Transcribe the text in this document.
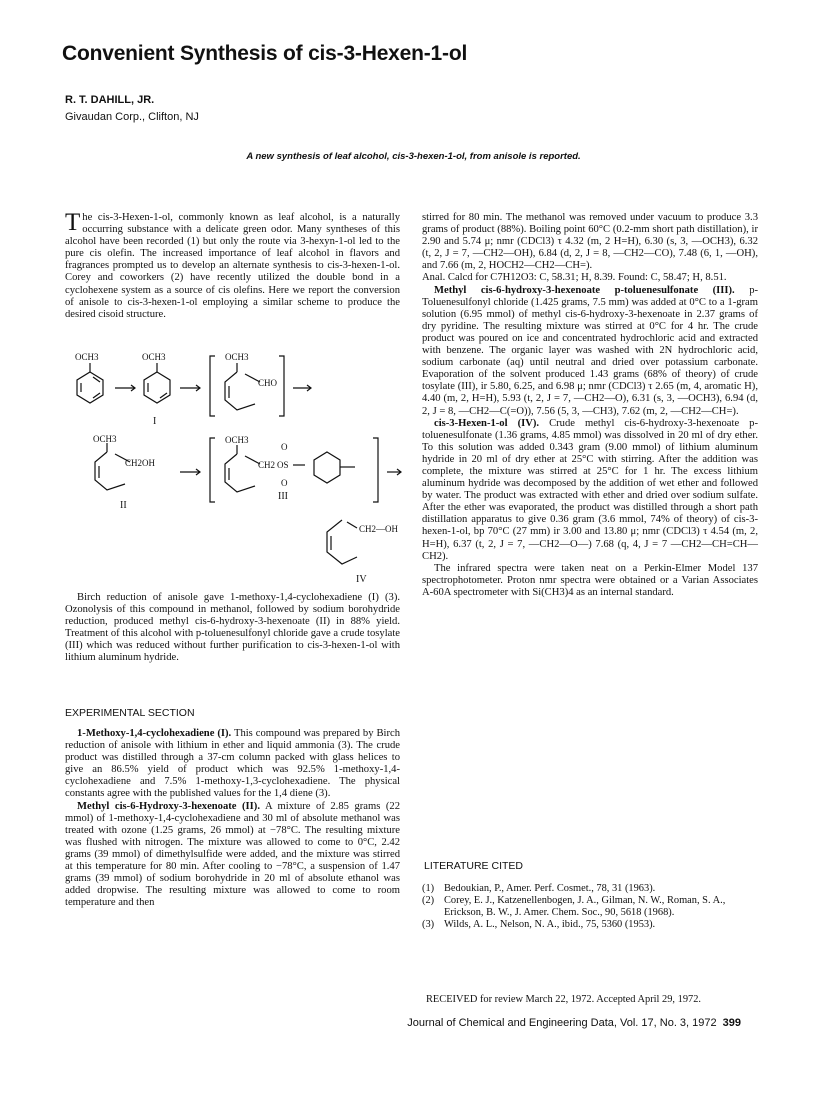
Convenient Synthesis of cis-3-Hexen-1-ol
R. T. DAHILL, JR.
Givaudan Corp., Clifton, NJ
A new synthesis of leaf alcohol, cis-3-hexen-1-ol, from anisole is reported.

The cis-3-Hexen-1-ol, commonly known as leaf alcohol, is a naturally occurring substance with a delicate green odor. Many syntheses of this alcohol have been recorded (1) but only the route via 3-hexyn-1-ol led to the pure cis olefin. The increased importance of leaf alcohol in flavors and fragrances prompted us to develop an alternate synthesis to cis-3-hexen-1-ol. Corey and coworkers (2) have recently utilized the double bond in a cyclohexene system as a source of cis olefins. Here we report the conversion of anisole to cis-3-hexen-1-ol employing a similar scheme to produce the desired cisoid structure.

OCH3	OCH3	OCH3
CHO
I
OCH3
CH2OH
II
OCH3
CH2 OS
O
O
III
CH2—OH
IV

Birch reduction of anisole gave 1-methoxy-1,4-cyclohexadiene (I) (3). Ozonolysis of this compound in methanol, followed by sodium borohydride reduction, produced methyl cis-6-hydroxy-3-hexenoate (II) in 88% yield. Treatment of this alcohol with p-toluenesulfonyl chloride gave a crude tosylate (III) which was reduced without further purification to cis-3-hexen-1-ol with lithium aluminum hydride.

EXPERIMENTAL SECTION

1-Methoxy-1,4-cyclohexadiene (I). This compound was prepared by Birch reduction of anisole with lithium in ether and liquid ammonia (3). The crude product was distilled through a 37-cm column packed with glass helices to give an 86.5% yield of product which was 92.5% 1-methoxy-1,4-cyclohexadiene and 7.5% 1-methoxy-1,3-cyclohexadiene. The physical constants agree with the published values for the 1,4 diene (3).

Methyl cis-6-Hydroxy-3-hexenoate (II). A mixture of 2.85 grams (22 mmol) of 1-methoxy-1,4-cyclohexadiene and 30 ml of absolute methanol was treated with ozone (1.25 grams, 26 mmol) at −78°C. The resulting mixture was flushed with nitrogen. The mixture was allowed to come to 0°C, 2.42 grams (39 mmol) of dimethylsulfide were added, and the mixture was stirred at this temperature for 80 min. After cooling to −78°C, a suspension of 1.47 grams (39 mmol) of sodium borohydride in 20 ml of absolute ethanol was added dropwise. The resulting mixture was allowed to come to room temperature and then

stirred for 80 min. The methanol was removed under vacuum to produce 3.3 grams of product (88%). Boiling point 60°C (0.2-mm short path distillation), ir 2.90 and 5.74 μ; nmr (CDCl3) τ 4.32 (m, 2 H=H), 6.30 (s, 3, —OCH3), 6.32 (t, 2, J = 7, —CH2—OH), 6.84 (d, 2, J = 8, —CH2—CO), 7.48 (6, 1, —OH), and 7.66 (m, 2, HOCH2—CH2—CH=).

Anal. Calcd for C7H12O3: C, 58.31; H, 8.39. Found: C, 58.47; H, 8.51.

Methyl cis-6-hydroxy-3-hexenoate p-toluenesulfonate (III). p-Toluenesulfonyl chloride (1.425 grams, 7.5 mm) was added at 0°C to a 1-gram solution (6.95 mmol) of methyl cis-6-hydroxy-3-hexenoate in 2.37 grams of dry pyridine. The resulting mixture was stirred at 0°C for 4 hr. The crude product was poured on ice and concentrated hydrochloric acid and extracted with benzene. The organic layer was washed with 2N hydrochloric acid, sodium carbonate (aq) until neutral and dried over potassium carbonate. Evaporation of the solvent produced 1.43 grams (68% of theory) of crude tosylate (III), ir 5.80, 6.25, and 6.98 μ; nmr (CDCl3) τ 2.65 (m, 4, aromatic H), 4.40 (m, 2, H=H), 5.93 (t, 2, J = 7, —CH2—O), 6.31 (s, 3, —OCH3), 6.94 (d, 2, J = 8, —CH2—C(=O)), 7.56 (5, 3, —CH3), 7.62 (m, 2, —CH2—CH=).

cis-3-Hexen-1-ol (IV). Crude methyl cis-6-hydroxy-3-hexenoate p-toluenesulfonate (1.36 grams, 4.85 mmol) was dissolved in 20 ml of dry ether. To this solution was added 0.343 gram (9.00 mmol) of lithium aluminum hydride in 20 ml of dry ether at 25°C with stirring. After the addition was complete, the mixture was stirred at 25°C for 1 hr. The excess lithium aluminum hydride was decomposed by the addition of wet ether and followed by water. The product was extracted with ether and dried over sodium sulfate. After the ether was evaporated, the product was distilled through a short path distillation apparatus to give 0.36 gram (3.6 mmol, 74% of theory) of cis-3-hexen-1-ol, bp 70°C (27 mm) ir 3.00 and 13.80 μ; nmr (CDCl3) τ 4.54 (m, 2, H=H), 6.37 (t, 2, J = 7, —CH2—O—) 7.68 (q, 4, J = 7 —CH2—CH=CH—CH2).

The infrared spectra were taken neat on a Perkin-Elmer Model 137 spectrophotometer. Proton nmr spectra were obtained or a Varian Associates A-60A spectrometer with Si(CH3)4 as an internal standard.

LITERATURE CITED
(1) Bedoukian, P., Amer. Perf. Cosmet., 78, 31 (1963).
(2) Corey, E. J., Katzenellenbogen, J. A., Gilman, N. W., Roman, S. A., Erickson, B. W., J. Amer. Chem. Soc., 90, 5618 (1968).
(3) Wilds, A. L., Nelson, N. A., ibid., 75, 5360 (1953).
RECEIVED for review March 22, 1972. Accepted April 29, 1972.
Journal of Chemical and Engineering Data, Vol. 17, No. 3, 1972 399
